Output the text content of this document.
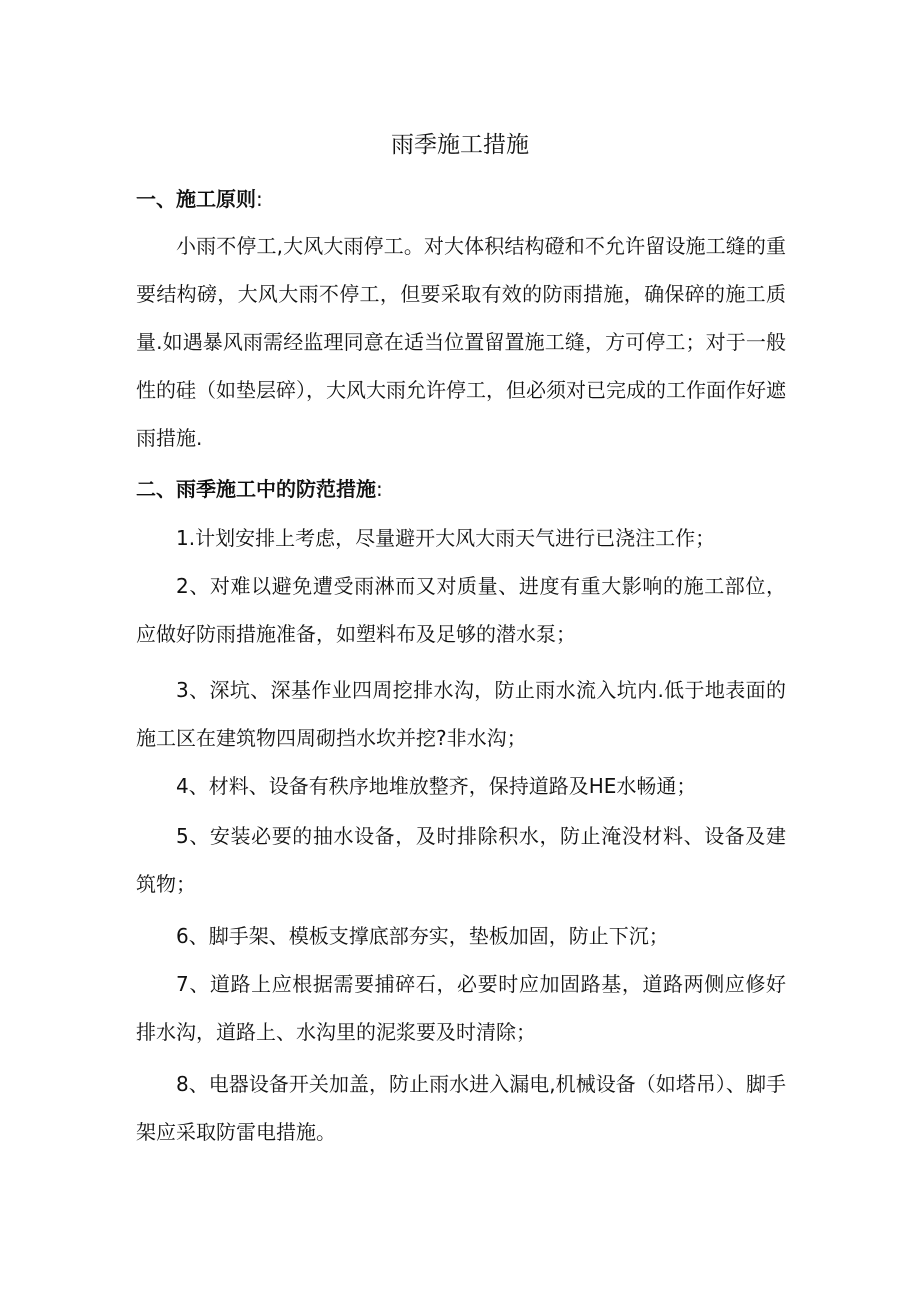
雨季施工措施
一、施工原则:

小雨不停工,大风大雨停工。对大体积结构磴和不允许留设施工缝的重要结构磅，大风大雨不停工，但要采取有效的防雨措施，确保碎的施工质量.如遇暴风雨需经监理同意在适当位置留置施工缝，方可停工；对于一般性的硅（如垫层碎），大风大雨允许停工，但必须对已完成的工作面作好遮雨措施.

二、雨季施工中的防范措施:

1.计划安排上考虑，尽量避开大风大雨天气进行已浇注工作；

2、对难以避免遭受雨淋而又对质量、进度有重大影响的施工部位，应做好防雨措施准备，如塑料布及足够的潜水泵；

3、深坑、深基作业四周挖排水沟，防止雨水流入坑内.低于地表面的施工区在建筑物四周砌挡水坎并挖?非水沟；

4、材料、设备有秩序地堆放整齐，保持道路及HE水畅通；

5、安装必要的抽水设备，及时排除积水，防止淹没材料、设备及建筑物；

6、脚手架、模板支撑底部夯实，垫板加固，防止下沉；

7、道路上应根据需要捕碎石，必要时应加固路基，道路两侧应修好排水沟，道路上、水沟里的泥浆要及时清除；

8、电器设备开关加盖，防止雨水进入漏电,机械设备（如塔吊）、脚手架应采取防雷电措施。
